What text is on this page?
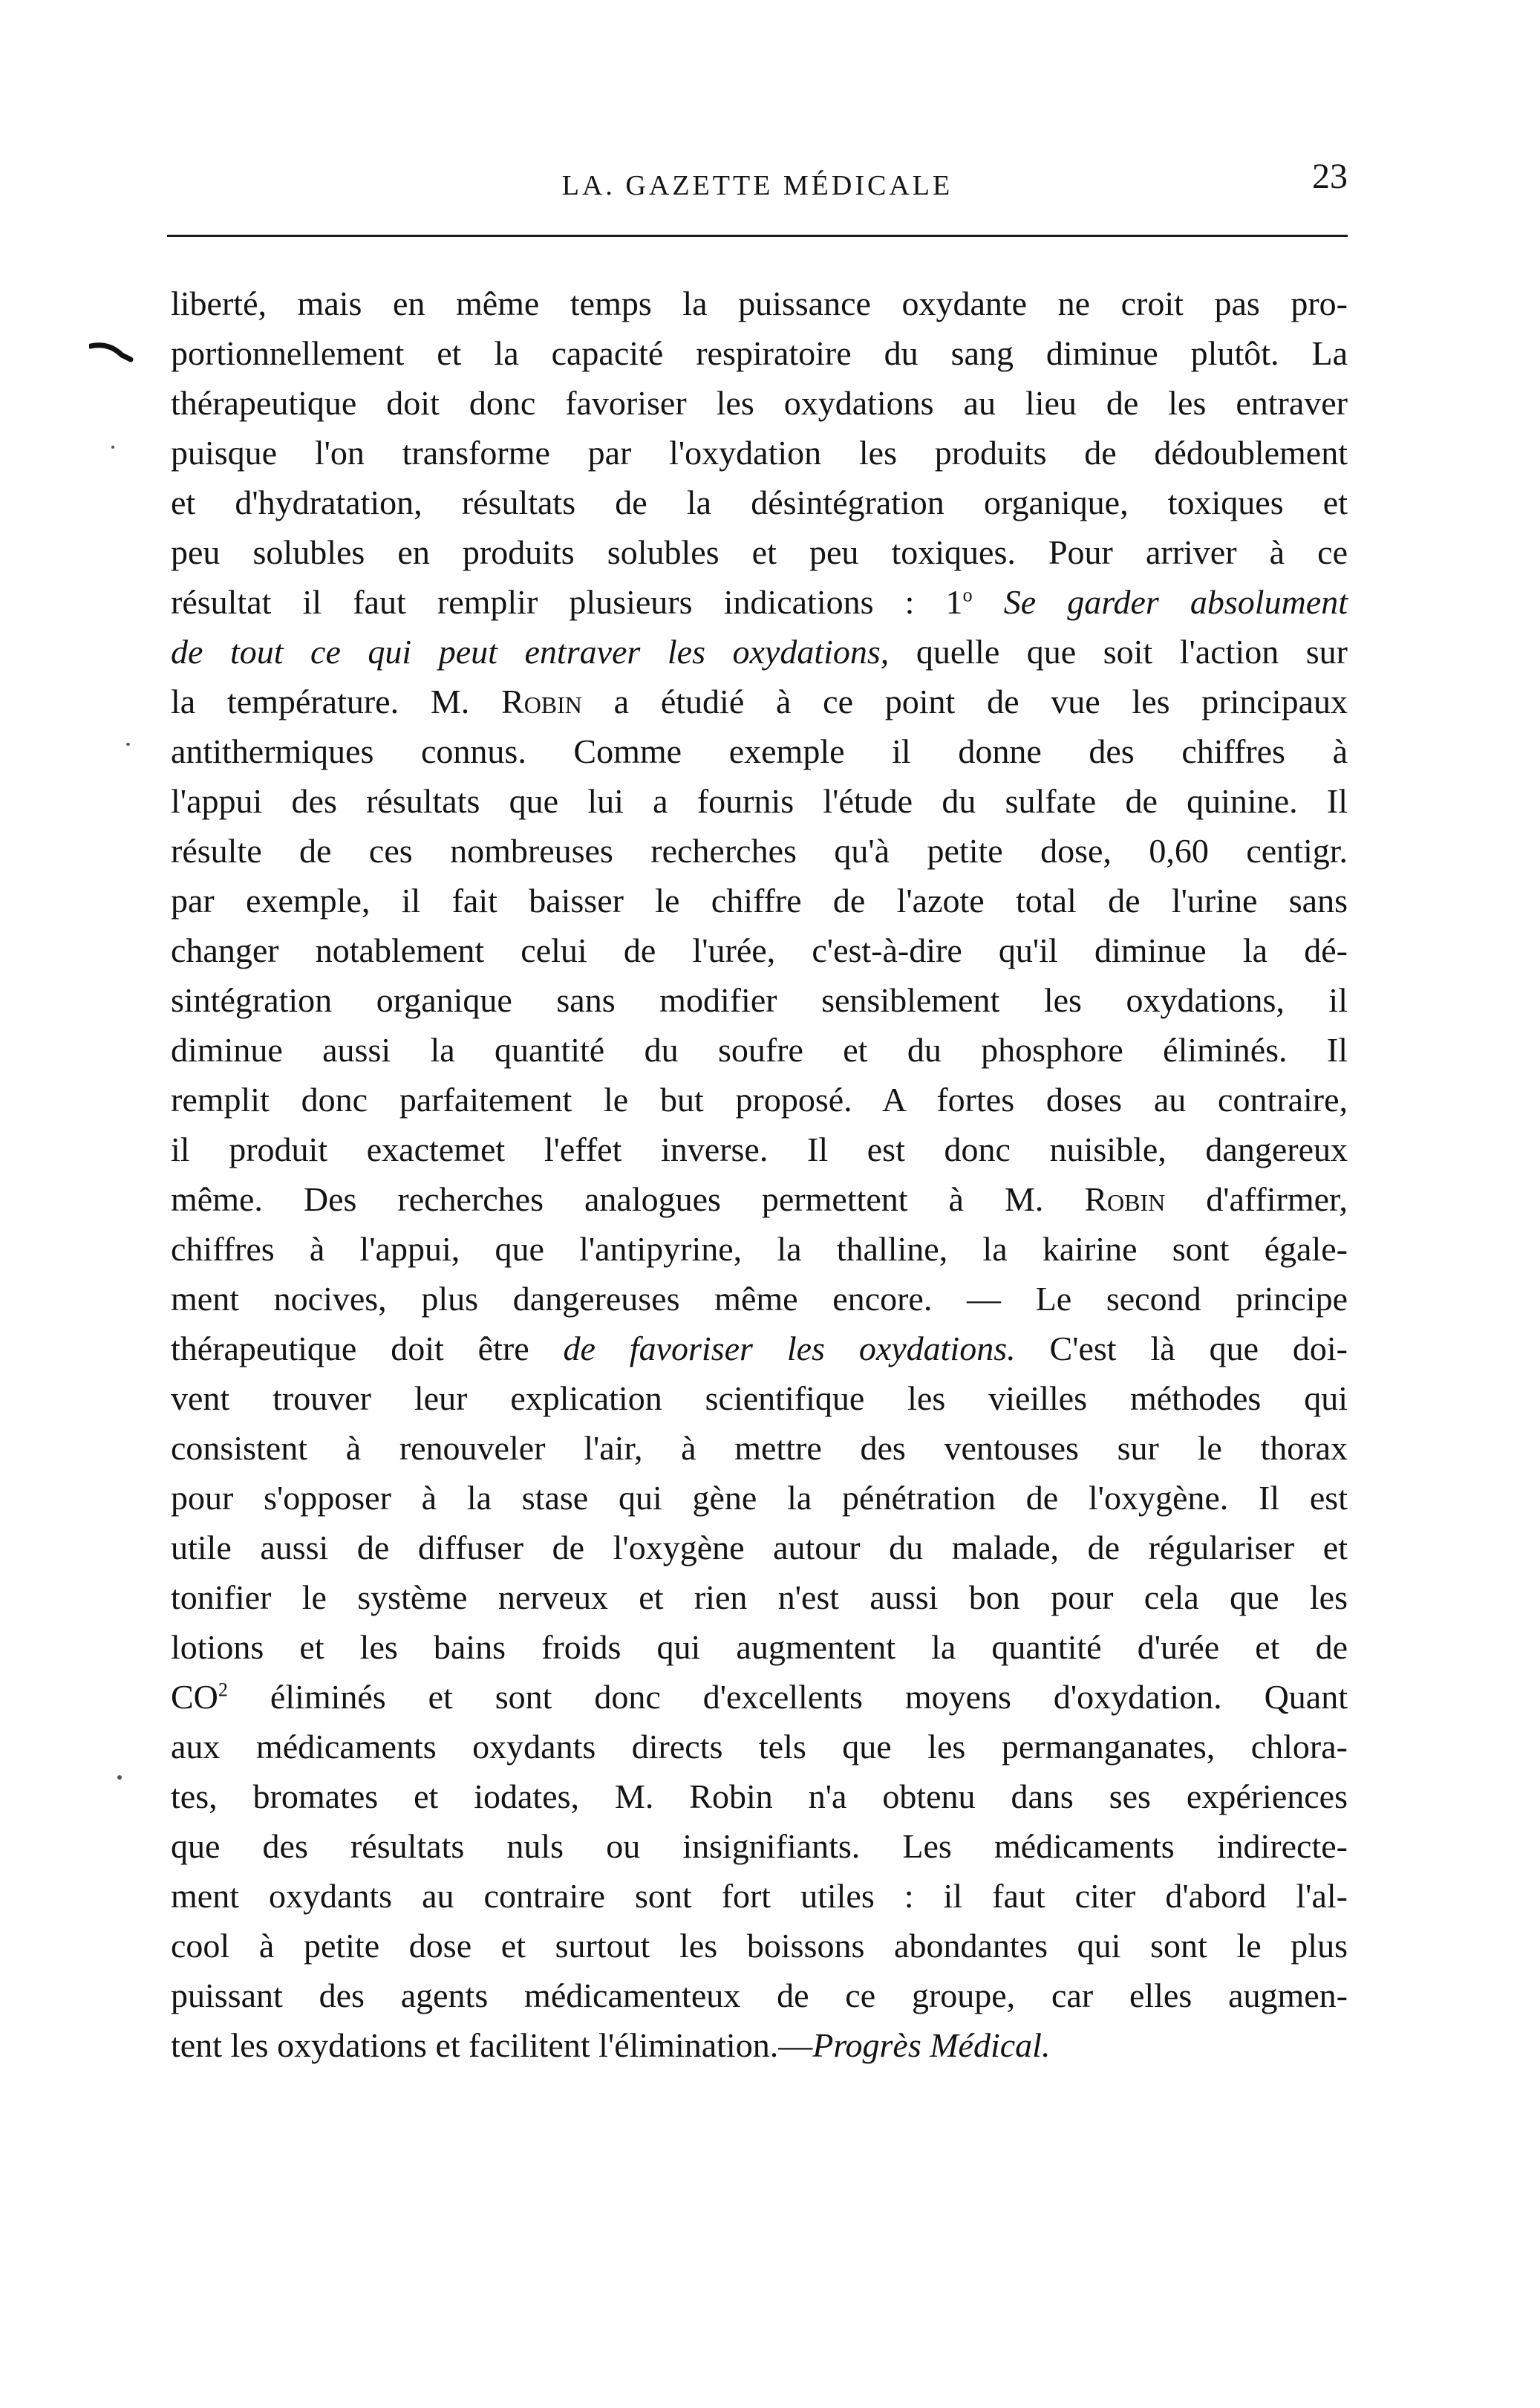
LA. GAZETTE MÉDICALE	23
liberté, mais en même temps la puissance oxydante ne croit pas pro-
portionnellement et la capacité respiratoire du sang diminue plutôt. La
thérapeutique doit donc favoriser les oxydations au lieu de les entraver
puisque l'on transforme par l'oxydation les produits de dédoublement
et d'hydratation, résultats de la désintégration organique, toxiques et
peu solubles en produits solubles et peu toxiques. Pour arriver à ce
résultat il faut remplir plusieurs indications : 1$^o$ Se garder absolument
de tout ce qui peut entraver les oxydations, quelle que soit l'action sur
la température. M. Robin a étudié à ce point de vue les principaux
antithermiques connus. Comme exemple il donne des chiffres à
l'appui des résultats que lui a fournis l'étude du sulfate de quinine. Il
résulte de ces nombreuses recherches qu'à petite dose, 0,60 centigr.
par exemple, il fait baisser le chiffre de l'azote total de l'urine sans
changer notablement celui de l'urée, c'est-à-dire qu'il diminue la dé-
sintégration organique sans modifier sensiblement les oxydations, il
diminue aussi la quantité du soufre et du phosphore éliminés. Il
remplit donc parfaitement le but proposé. A fortes doses au contraire,
il produit exactemet l'effet inverse. Il est donc nuisible, dangereux
même. Des recherches analogues permettent à M. Robin d'affirmer,
chiffres à l'appui, que l'antipyrine, la thalline, la kairine sont égale-
ment nocives, plus dangereuses même encore. — Le second principe
thérapeutique doit être de favoriser les oxydations. C'est là que doi-
vent trouver leur explication scientifique les vieilles méthodes qui
consistent à renouveler l'air, à mettre des ventouses sur le thorax
pour s'opposer à la stase qui gène la pénétration de l'oxygène. Il est
utile aussi de diffuser de l'oxygène autour du malade, de régulariser et
tonifier le système nerveux et rien n'est aussi bon pour cela que les
lotions et les bains froids qui augmentent la quantité d'urée et de
$CO^2$ éliminés et sont donc d'excellents moyens d'oxydation. Quant
aux médicaments oxydants directs tels que les permanganates, chlora-
tes, bromates et iodates, M. Robin n'a obtenu dans ses expériences
que des résultats nuls ou insignifiants. Les médicaments indirecte-
ment oxydants au contraire sont fort utiles : il faut citer d'abord l'al-
cool à petite dose et surtout les boissons abondantes qui sont le plus
puissant des agents médicamenteux de ce groupe, car elles augmen-
tent les oxydations et facilitent l'élimination.—Progrès Médical.
